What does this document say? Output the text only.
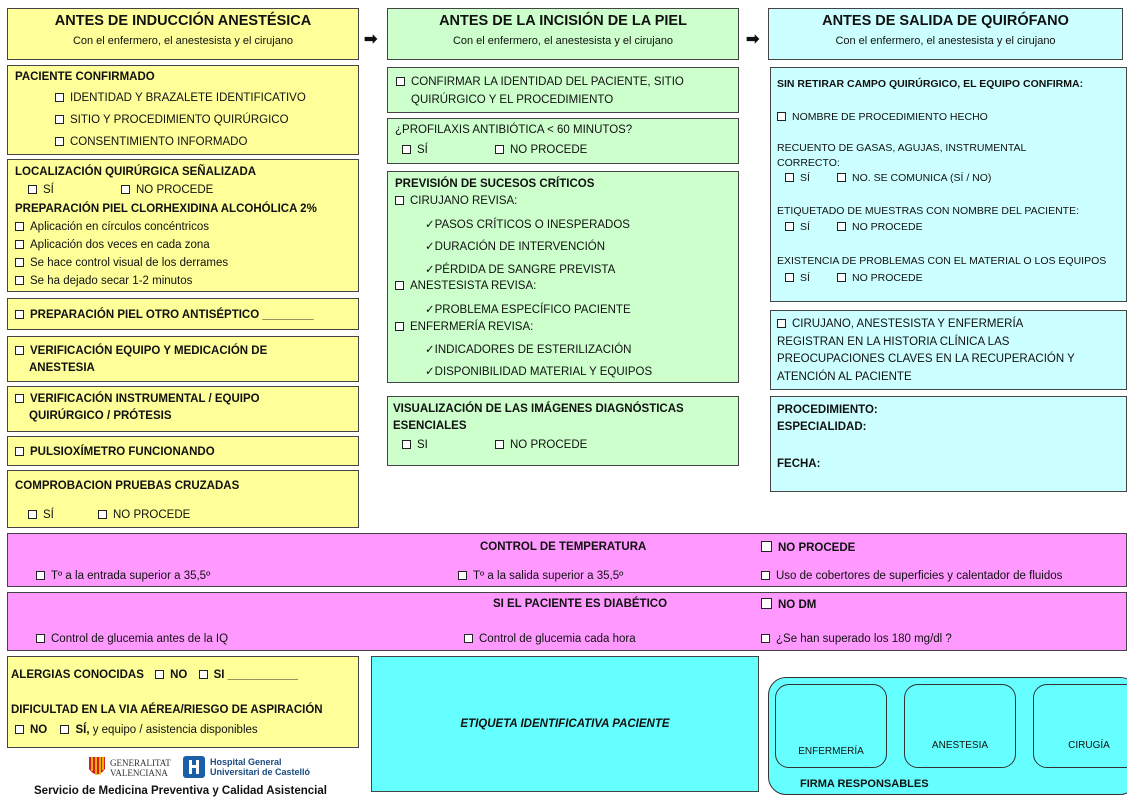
ANTES DE INDUCCIÓN ANESTÉSICA
Con el enfermero, el anestesista y el cirujano	➡
ANTES DE LA INCISIÓN DE LA PIEL
Con el enfermero, el anestesista y el cirujano	➡
ANTES DE SALIDA DE QUIRÓFANO
Con el enfermero, el anestesista y el cirujano
PACIENTE CONFIRMADO
IDENTIDAD Y BRAZALETE IDENTIFICATIVO
SITIO Y PROCEDIMIENTO QUIRÚRGICO
CONSENTIMIENTO INFORMADO
LOCALIZACIÓN QUIRÚRGICA SEÑALIZADA
SÍ	NO PROCEDE
PREPARACIÓN PIEL CLORHEXIDINA ALCOHÓLICA 2%
Aplicación en círculos concéntricos
Aplicación dos veces en cada zona
Se hace control visual de los derrames
Se ha dejado secar 1-2 minutos
PREPARACIÓN PIEL OTRO ANTISÉPTICO ________
VERIFICACIÓN EQUIPO Y MEDICACIÓN DE
ANESTESIA
VERIFICACIÓN INSTRUMENTAL / EQUIPO
QUIRÚRGICO / PRÓTESIS
PULSIOXÍMETRO FUNCIONANDO
COMPROBACION PRUEBAS CRUZADAS
SÍ	NO PROCEDE
CONFIRMAR LA IDENTIDAD DEL PACIENTE, SITIO
QUIRÚRGICO Y EL PROCEDIMIENTO
¿PROFILAXIS ANTIBIÓTICA < 60 MINUTOS?
SÍ	NO PROCEDE
PREVISIÓN DE SUCESOS CRÍTICOS
CIRUJANO REVISA:
✓PASOS CRÍTICOS O INESPERADOS
✓DURACIÓN DE INTERVENCIÓN
✓PÉRDIDA DE SANGRE PREVISTA
ANESTESISTA REVISA:
✓PROBLEMA ESPECÍFICO PACIENTE
ENFERMERÍA REVISA:
✓INDICADORES DE ESTERILIZACIÓN
✓DISPONIBILIDAD MATERIAL Y EQUIPOS
VISUALIZACIÓN DE LAS IMÁGENES DIAGNÓSTICAS
ESENCIALES
SI	NO PROCEDE
SIN RETIRAR CAMPO QUIRÚRGICO, EL EQUIPO CONFIRMA:
NOMBRE DE PROCEDIMIENTO HECHO
RECUENTO DE GASAS, AGUJAS, INSTRUMENTAL
CORRECTO:
SÍ	NO. SE COMUNICA (SÍ / NO)
ETIQUETADO DE MUESTRAS CON NOMBRE DEL PACIENTE:
SÍ	NO PROCEDE
EXISTENCIA DE PROBLEMAS CON EL MATERIAL O LOS EQUIPOS
SÍ	NO PROCEDE
CIRUJANO, ANESTESISTA Y ENFERMERÍA
REGISTRAN EN LA HISTORIA CLÍNICA LAS
PREOCUPACIONES CLAVES EN LA RECUPERACIÓN Y
ATENCIÓN AL PACIENTE
PROCEDIMIENTO:
ESPECIALIDAD:
FECHA:
CONTROL DE TEMPERATURA	NO PROCEDE
Tº a la entrada superior a 35,5º	Tº a la salida superior a 35,5º	Uso de cobertores de superficies y calentador de fluidos
SI EL PACIENTE ES DIABÉTICO	NO DM
Control de glucemia antes de la IQ	Control de glucemia cada hora	¿Se han superado los 180 mg/dl ?
ALERGIAS CONOCIDAS NO SI ___________
DIFICULTAD EN LA VIA AÉREA/RIESGO DE ASPIRACIÓN
NO SÍ, y equipo / asistencia disponibles	ETIQUETA IDENTIFICATIVA PACIENTE
ENFERMERÍA
ANESTESIA	CIRUGÍA
FIRMA RESPONSABLES
GENERALITAT
VALENCIANA
Hospital General
Universitari de Castelló
Servicio de Medicina Preventiva y Calidad Asistencial
